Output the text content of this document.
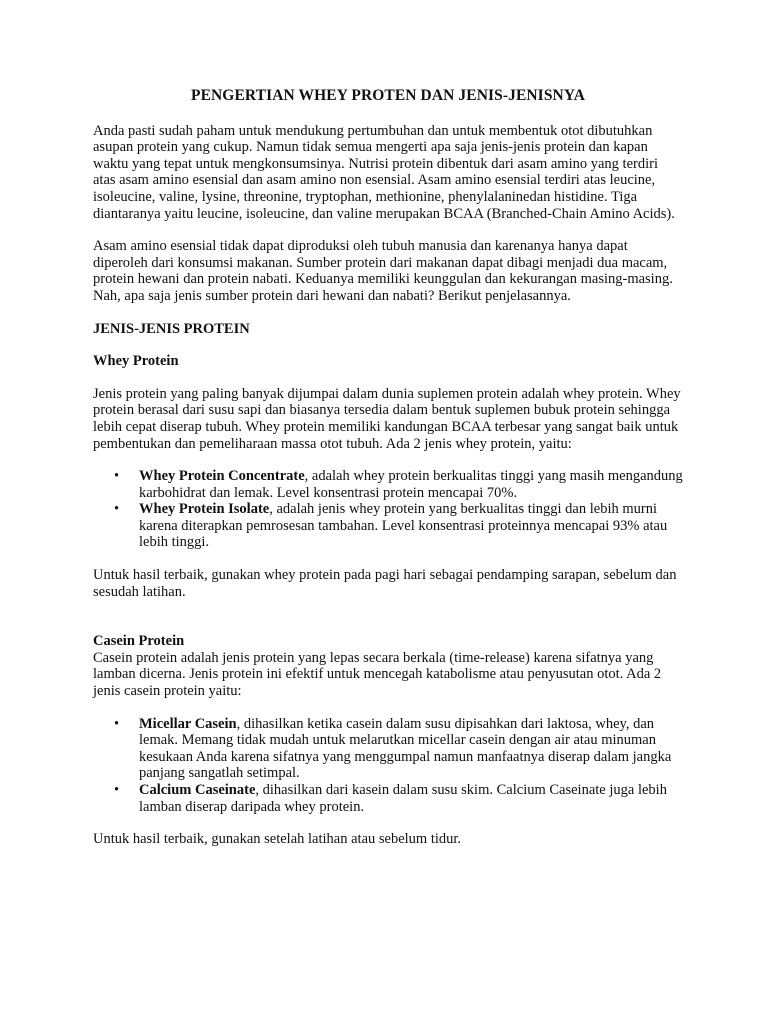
PENGERTIAN WHEY PROTEN DAN JENIS-JENISNYA

Anda pasti sudah paham untuk mendukung pertumbuhan dan untuk membentuk otot dibutuhkan asupan protein yang cukup. Namun tidak semua mengerti apa saja jenis-jenis protein dan kapan waktu yang tepat untuk mengkonsumsinya. Nutrisi protein dibentuk dari asam amino yang terdiri atas asam amino esensial dan asam amino non esensial. Asam amino esensial terdiri atas leucine, isoleucine, valine, lysine, threonine, tryptophan, methionine, phenylalaninedan histidine. Tiga diantaranya yaitu leucine, isoleucine, dan valine merupakan BCAA (Branched-Chain Amino Acids).

Asam amino esensial tidak dapat diproduksi oleh tubuh manusia dan karenanya hanya dapat diperoleh dari konsumsi makanan. Sumber protein dari makanan dapat dibagi menjadi dua macam, protein hewani dan protein nabati. Keduanya memiliki keunggulan dan kekurangan masing-masing. Nah, apa saja jenis sumber protein dari hewani dan nabati? Berikut penjelasannya.

JENIS-JENIS PROTEIN
Whey Protein

Jenis protein yang paling banyak dijumpai dalam dunia suplemen protein adalah whey protein. Whey protein berasal dari susu sapi dan biasanya tersedia dalam bentuk suplemen bubuk protein sehingga lebih cepat diserap tubuh. Whey protein memiliki kandungan BCAA terbesar yang sangat baik untuk pembentukan dan pemeliharaan massa otot tubuh. Ada 2 jenis whey protein, yaitu:

• Whey Protein Concentrate, adalah whey protein berkualitas tinggi yang masih mengandung karbohidrat dan lemak. Level konsentrasi protein mencapai 70%.
• Whey Protein Isolate, adalah jenis whey protein yang berkualitas tinggi dan lebih murni karena diterapkan pemrosesan tambahan. Level konsentrasi proteinnya mencapai 93% atau lebih tinggi.

Untuk hasil terbaik, gunakan whey protein pada pagi hari sebagai pendamping sarapan, sebelum dan sesudah latihan.

Casein Protein

Casein protein adalah jenis protein yang lepas secara berkala (time-release) karena sifatnya yang lamban dicerna. Jenis protein ini efektif untuk mencegah katabolisme atau penyusutan otot. Ada 2 jenis casein protein yaitu:

• Micellar Casein, dihasilkan ketika casein dalam susu dipisahkan dari laktosa, whey, dan lemak. Memang tidak mudah untuk melarutkan micellar casein dengan air atau minuman kesukaan Anda karena sifatnya yang menggumpal namun manfaatnya diserap dalam jangka panjang sangatlah setimpal.
• Calcium Caseinate, dihasilkan dari kasein dalam susu skim. Calcium Caseinate juga lebih lamban diserap daripada whey protein.

Untuk hasil terbaik, gunakan setelah latihan atau sebelum tidur.
